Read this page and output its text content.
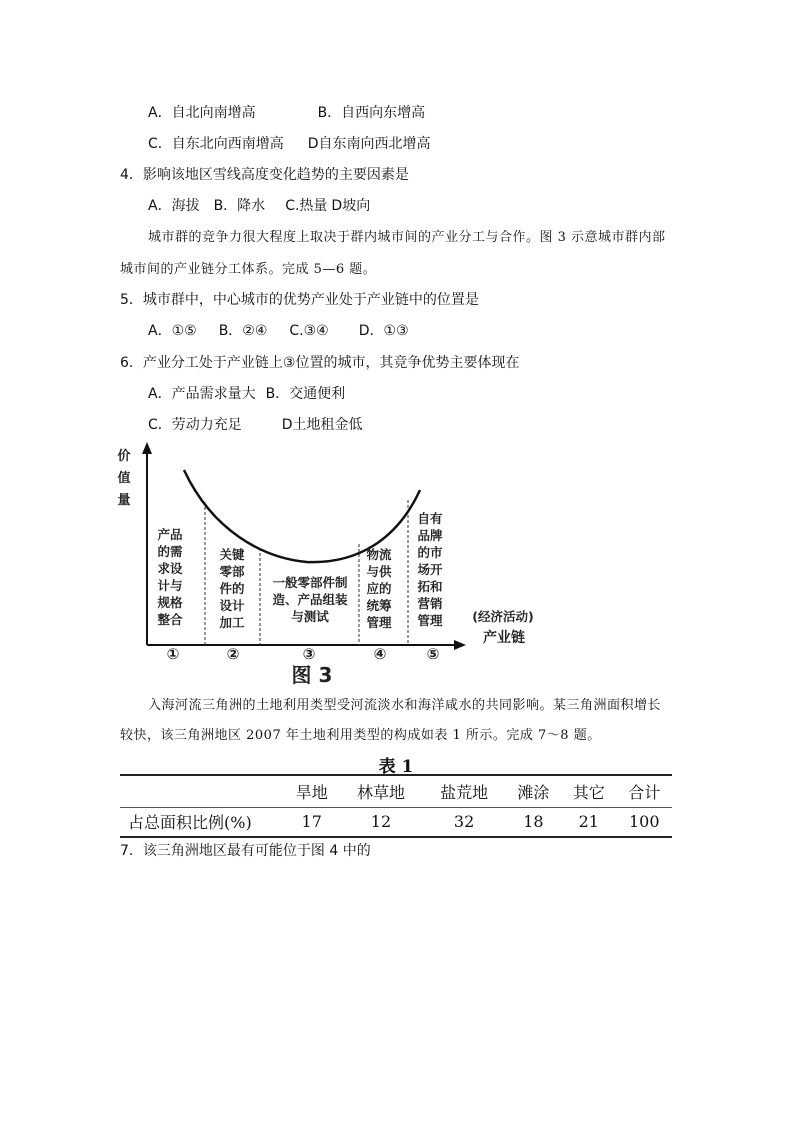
A．自北向南增高	B．自西向东增高
C．自东北向西南增高 D自东南向西北增高
4．影响该地区雪线高度变化趋势的主要因素是
A．海拔 B．降水 C.热量 D坡向
城市群的竞争力很大程度上取决于群内城市间的产业分工与合作。图 3 示意城市群内部
城市间的产业链分工体系。完成 5—6 题。
5．城市群中，中心城市的优势产业处于产业链中的位置是
A．①⑤ B．②④ C.③④ D．①③
6．产业分工处于产业链上③位置的城市，其竞争优势主要体现在
A．产品需求量大 B．交通便利
C．劳动力充足	D土地租金低
价值量
产品的需求设计与规格整合
关键零部件的设计加工
一般零部件制造、产品组装与测试
物流与供应的统筹管理
自有品牌的市场开拓和营销管理	(经济活动)
产业链
①	②	③	④	⑤
图 3
入海河流三角洲的土地利用类型受河流淡水和海洋咸水的共同影响。某三角洲面积增长
较快，该三角洲地区 2007 年土地利用类型的构成如表 1 所示。完成 7～8 题。
表 1
	旱地	林草地	盐荒地	滩涂	其它	合计
占总面积比例(%)	17	12	32	18	21	100
7．该三角洲地区最有可能位于图 4 中的
